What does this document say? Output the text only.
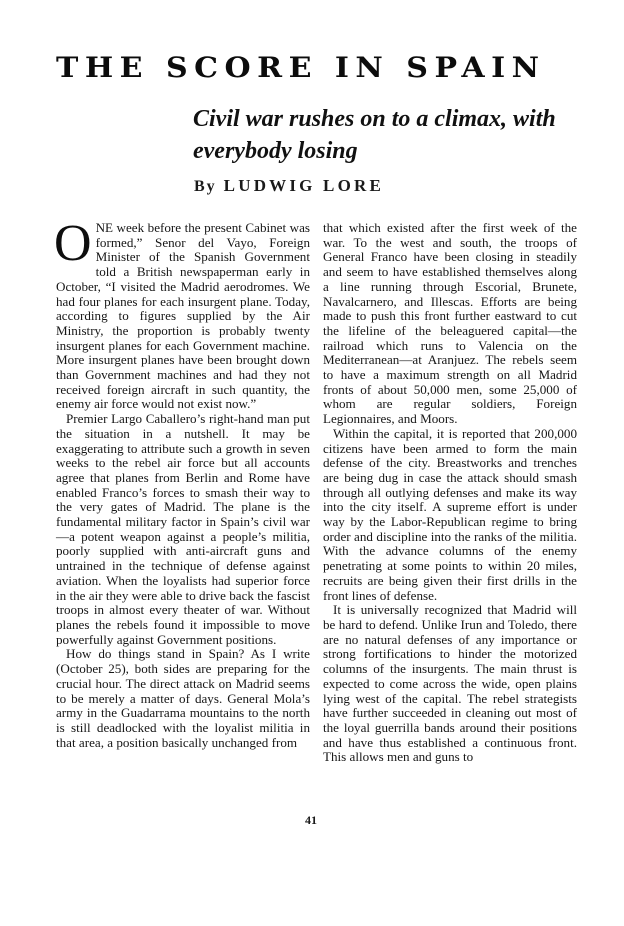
THE SCORE IN SPAIN
Civil war rushes on to a climax, with everybody losing
By LUDWIG LORE

ONE week before the present Cabinet was formed,” Senor del Vayo, Foreign Minister of the Spanish Government told a British newspaperman early in October, “I visited the Madrid aerodromes. We had four planes for each insurgent plane. Today, according to figures supplied by the Air Ministry, the proportion is probably twenty insurgent planes for each Government machine. More insurgent planes have been brought down than Government machines and had they not received foreign aircraft in such quantity, the enemy air force would not exist now.”

Premier Largo Caballero’s right-hand man put the situation in a nutshell. It may be exaggerating to attribute such a growth in seven weeks to the rebel air force but all accounts agree that planes from Berlin and Rome have enabled Franco’s forces to smash their way to the very gates of Madrid. The plane is the fundamental military factor in Spain’s civil war—a potent weapon against a people’s militia, poorly supplied with anti-aircraft guns and untrained in the technique of defense against aviation. When the loyalists had superior force in the air they were able to drive back the fascist troops in almost every theater of war. Without planes the rebels found it impossible to move powerfully against Government positions.

How do things stand in Spain? As I write (October 25), both sides are preparing for the crucial hour. The direct attack on Madrid seems to be merely a matter of days. General Mola’s army in the Guadarrama mountains to the north is still deadlocked with the loyalist militia in that area, a position basically unchanged from

that which existed after the first week of the war. To the west and south, the troops of General Franco have been closing in steadily and seem to have established themselves along a line running through Escorial, Brunete, Navalcarnero, and Illescas. Efforts are being made to push this front further eastward to cut the lifeline of the beleaguered capital—the railroad which runs to Valencia on the Mediterranean—at Aranjuez. The rebels seem to have a maximum strength on all Madrid fronts of about 50,000 men, some 25,000 of whom are regular soldiers, Foreign Legionnaires, and Moors.

Within the capital, it is reported that 200,000 citizens have been armed to form the main defense of the city. Breastworks and trenches are being dug in case the attack should smash through all outlying defenses and make its way into the city itself. A supreme effort is under way by the Labor-Republican regime to bring order and discipline into the ranks of the militia. With the advance columns of the enemy penetrating at some points to within 20 miles, recruits are being given their first drills in the front lines of defense.

It is universally recognized that Madrid will be hard to defend. Unlike Irun and Toledo, there are no natural defenses of any importance or strong fortifications to hinder the motorized columns of the insurgents. The main thrust is expected to come across the wide, open plains lying west of the capital. The rebel strategists have further succeeded in cleaning out most of the loyal guerrilla bands around their positions and have thus established a continuous front. This allows men and guns to

41
